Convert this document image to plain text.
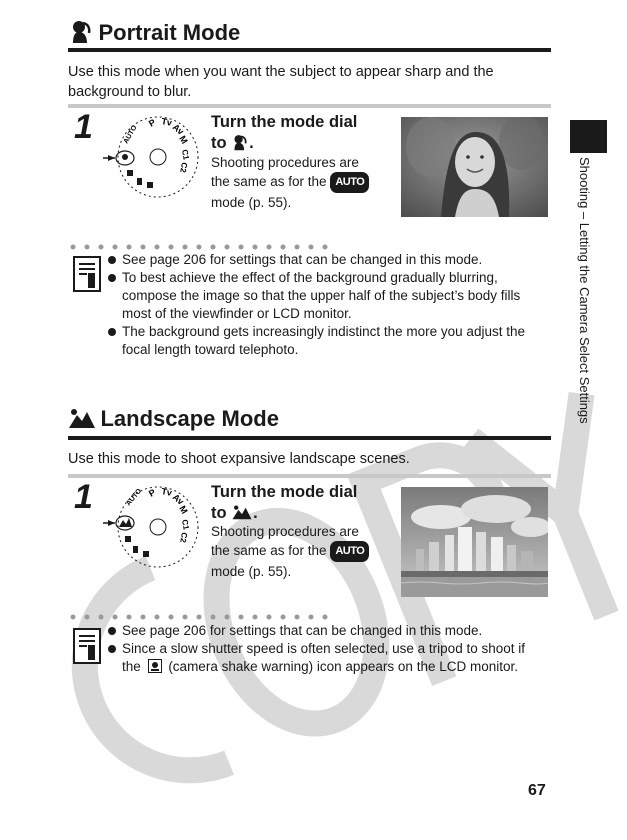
Shooting – Letting the Camera Select Settings
Portrait Mode
Use this mode when you want the subject to appear sharp and the background to blur.
1	P Tv
Av
M
C1
C2
AUTO
Turn the mode dial
to .
Shooting procedures are
the same as for the AUTO
mode (p. 55).
See page 206 for settings that can be changed in this mode.
To best achieve the effect of the background gradually blurring, compose the image so that the upper half of the subject’s body fills most of the viewfinder or LCD monitor.
The background gets increasingly indistinct the more you adjust the focal length toward telephoto.
Landscape Mode
Use this mode to shoot expansive landscape scenes.
1	P Tv
Av
M
C1
C2
AUTO	Turn the mode dial
to .
Shooting procedures are
the same as for the AUTO
mode (p. 55).
See page 206 for settings that can be changed in this mode.
Since a slow shutter speed is often selected, use a tripod to shoot if the (camera shake warning) icon appears on the LCD monitor.
67
